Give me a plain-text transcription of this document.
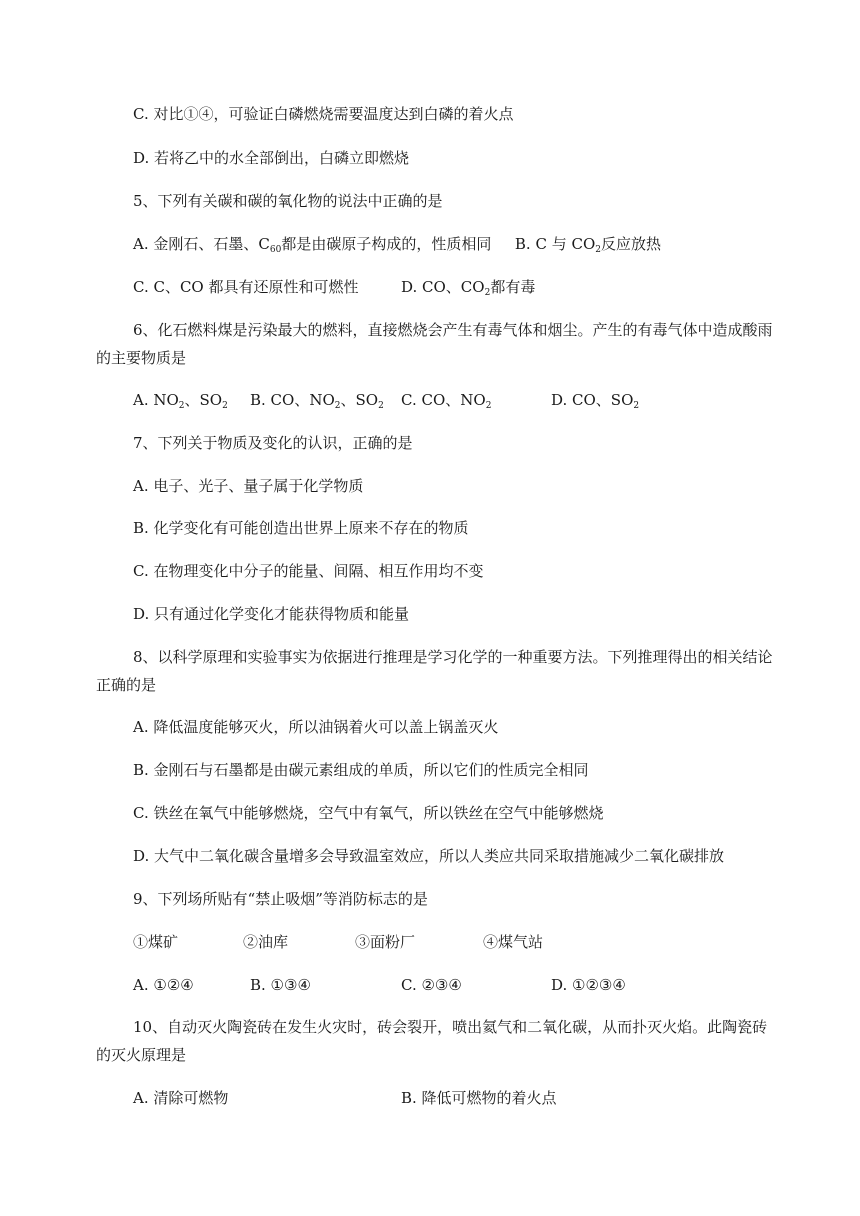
C. 对比①④，可验证白磷燃烧需要温度达到白磷的着火点
D. 若将乙中的水全部倒出，白磷立即燃烧
5、下列有关碳和碳的氧化物的说法中正确的是
A. 金刚石、石墨、$C_{60}$都是由碳原子构成的，性质相同 B. C 与 $CO_2$反应放热
C. C、CO 都具有还原性和可燃性	D. CO、$CO_2$都有毒
6、化石燃料煤是污染最大的燃料，直接燃烧会产生有毒气体和烟尘。产生的有毒气体中造成酸雨
的主要物质是
A. $NO_2$、$SO_2$ B. CO、$NO_2$、$SO_2$ C. CO、$NO_2$	D. CO、$SO_2$
7、下列关于物质及变化的认识，正确的是
A. 电子、光子、量子属于化学物质
B. 化学变化有可能创造出世界上原来不存在的物质
C. 在物理变化中分子的能量、间隔、相互作用均不变
D. 只有通过化学变化才能获得物质和能量
8、以科学原理和实验事实为依据进行推理是学习化学的一种重要方法。下列推理得出的相关结论
正确的是
A. 降低温度能够灭火，所以油锅着火可以盖上锅盖灭火
B. 金刚石与石墨都是由碳元素组成的单质，所以它们的性质完全相同
C. 铁丝在氧气中能够燃烧，空气中有氧气，所以铁丝在空气中能够燃烧
D. 大气中二氧化碳含量增多会导致温室效应，所以人类应共同采取措施减少二氧化碳排放
9、下列场所贴有“禁止吸烟”等消防标志的是
①煤矿	②油库	③面粉厂	④煤气站
A. ①②④	B. ①③④	C. ②③④	D. ①②③④
10、自动灭火陶瓷砖在发生火灾时，砖会裂开，喷出氦气和二氧化碳，从而扑灭火焰。此陶瓷砖
的灭火原理是
A. 清除可燃物	B. 降低可燃物的着火点
